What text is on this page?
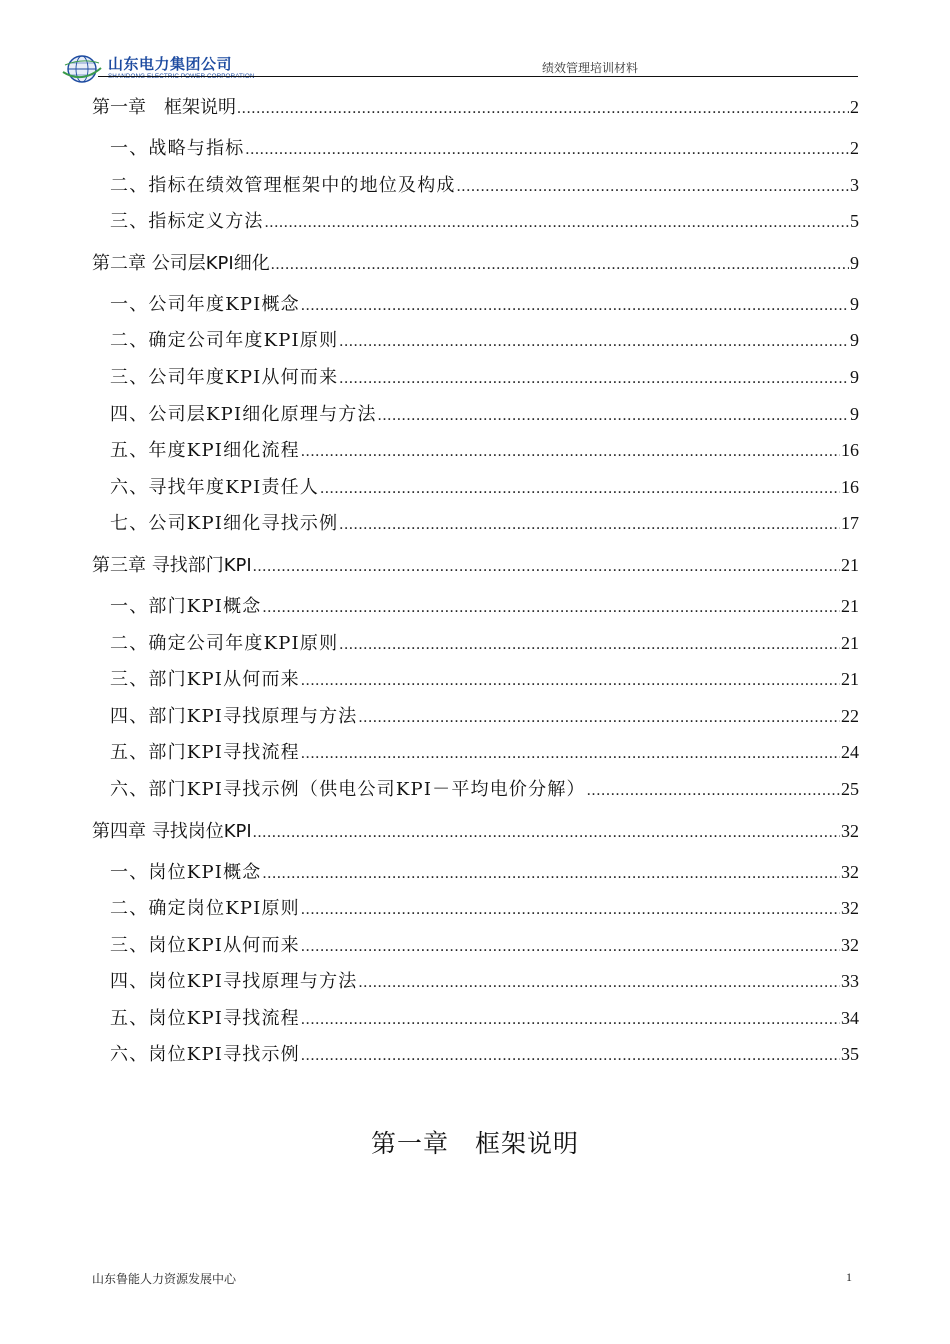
山东电力集团公司
SHANDONG ELECTRIC POWER CORPORATION
绩效管理培训材料
第一章　框架说明 .....	2
一、战略与指标 .....	2
二、指标在绩效管理框架中的地位及构成 .....	3
三、指标定义方法 .....	5
第二章 公司层KPI细化 .....	9
一、公司年度KPI概念 .....	9
二、确定公司年度KPI原则 .....	9
三、公司年度KPI从何而来 .....	9
四、公司层KPI细化原理与方法 .....	9
五、年度KPI细化流程 .....	16
六、寻找年度KPI责任人 .....	16
七、公司KPI细化寻找示例 .....	17
第三章 寻找部门KPI .....	21
一、部门KPI概念 .....	21
二、确定公司年度KPI原则 .....	21
三、部门KPI从何而来 .....	21
四、部门KPI寻找原理与方法 .....	22
五、部门KPI寻找流程 .....	24
六、部门KPI寻找示例（供电公司KPI－平均电价分解） .....	25
第四章 寻找岗位KPI .....	32
一、岗位KPI概念 .....	32
二、确定岗位KPI原则 .....	32
三、岗位KPI从何而来 .....	32
四、岗位KPI寻找原理与方法 .....	33
五、岗位KPI寻找流程 .....	34
六、岗位KPI寻找示例 .....	35
第一章　框架说明
山东鲁能人力资源发展中心	1
